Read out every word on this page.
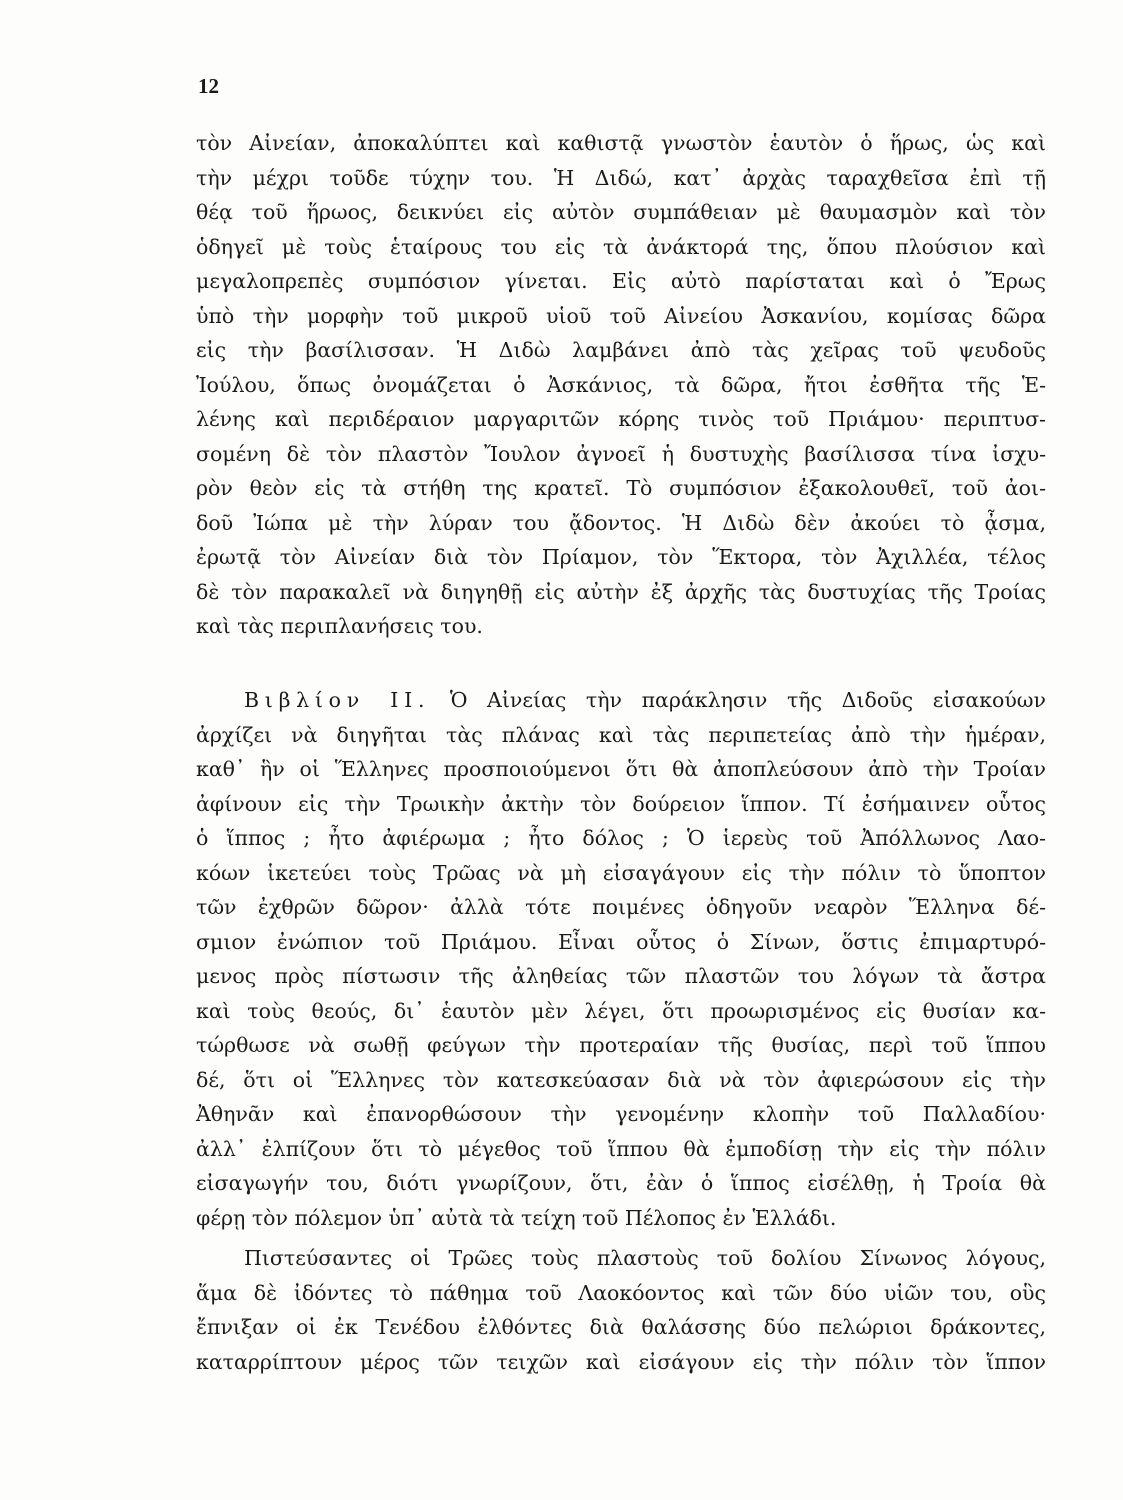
12
τὸν Αἰνείαν, ἀποκαλύπτει καὶ καθιστᾷ γνωστὸν ἑαυτὸν ὁ ἥρως, ὡς καὶ
τὴν μέχρι τοῦδε τύχην του. Ἡ Διδώ, κατ᾽ ἀρχὰς ταραχθεῖσα ἐπὶ τῇ
θέᾳ τοῦ ἥρωος, δεικνύει εἰς αὐτὸν συμπάθειαν μὲ θαυμασμὸν καὶ τὸν
ὁδηγεῖ μὲ τοὺς ἑταίρους του εἰς τὰ ἀνάκτορά της, ὅπου πλούσιον καὶ
μεγαλοπρεπὲς συμπόσιον γίνεται. Εἰς αὐτὸ παρίσταται καὶ ὁ Ἔρως
ὑπὸ τὴν μορφὴν τοῦ μικροῦ υἱοῦ τοῦ Αἰνείου Ἀσκανίου, κομίσας δῶρα
εἰς τὴν βασίλισσαν. Ἡ Διδὼ λαμβάνει ἀπὸ τὰς χεῖρας τοῦ ψευδοῦς
Ἰούλου, ὅπως ὀνομάζεται ὁ Ἀσκάνιος, τὰ δῶρα, ἤτοι ἐσθῆτα τῆς Ἑ-
λένης καὶ περιδέραιον μαργαριτῶν κόρης τινὸς τοῦ Πριάμου· περιπτυσ-
σομένη δὲ τὸν πλαστὸν Ἴουλον ἀγνοεῖ ἡ δυστυχὴς βασίλισσα τίνα ἰσχυ-
ρὸν θεὸν εἰς τὰ στήθη της κρατεῖ. Τὸ συμπόσιον ἐξακολουθεῖ, τοῦ ἀοι-
δοῦ Ἰώπα μὲ τὴν λύραν του ᾄδοντος. Ἡ Διδὼ δὲν ἀκούει τὸ ᾆσμα,
ἐρωτᾷ τὸν Αἰνείαν διὰ τὸν Πρίαμον, τὸν Ἕκτορα, τὸν Ἀχιλλέα, τέλος
δὲ τὸν παρακαλεῖ νὰ διηγηθῇ εἰς αὐτὴν ἐξ ἀρχῆς τὰς δυστυχίας τῆς Τροίας
καὶ τὰς περιπλανήσεις του.
Βιβλίον ΙΙ. Ὁ Αἰνείας τὴν παράκλησιν τῆς Διδοῦς εἰσακούων
ἀρχίζει νὰ διηγῆται τὰς πλάνας καὶ τὰς περιπετείας ἀπὸ τὴν ἡμέραν,
καθ᾽ ἣν οἱ Ἕλληνες προσποιούμενοι ὅτι θὰ ἀποπλεύσουν ἀπὸ τὴν Τροίαν
ἀφίνουν εἰς τὴν Τρωικὴν ἀκτὴν τὸν δούρειον ἵππον. Τί ἐσήμαινεν οὗτος
ὁ ἵππος ; ἦτο ἀφιέρωμα ; ἦτο δόλος ; Ὁ ἱερεὺς τοῦ Ἀπόλλωνος Λαο-
κόων ἱκετεύει τοὺς Τρῶας νὰ μὴ εἰσαγάγουν εἰς τὴν πόλιν τὸ ὕποπτον
τῶν ἐχθρῶν δῶρον· ἀλλὰ τότε ποιμένες ὁδηγοῦν νεαρὸν Ἕλληνα δέ-
σμιον ἐνώπιον τοῦ Πριάμου. Εἶναι οὗτος ὁ Σίνων, ὅστις ἐπιμαρτυρό-
μενος πρὸς πίστωσιν τῆς ἀληθείας τῶν πλαστῶν του λόγων τὰ ἄστρα
καὶ τοὺς θεούς, δι᾽ ἑαυτὸν μὲν λέγει, ὅτι προωρισμένος εἰς θυσίαν κα-
τώρθωσε νὰ σωθῇ φεύγων τὴν προτεραίαν τῆς θυσίας, περὶ τοῦ ἵππου
δέ, ὅτι οἱ Ἕλληνες τὸν κατεσκεύασαν διὰ νὰ τὸν ἀφιερώσουν εἰς τὴν
Ἀθηνᾶν καὶ ἐπανορθώσουν τὴν γενομένην κλοπὴν τοῦ Παλλαδίου·
ἀλλ᾽ ἐλπίζουν ὅτι τὸ μέγεθος τοῦ ἵππου θὰ ἐμποδίσῃ τὴν εἰς τὴν πόλιν
εἰσαγωγήν του, διότι γνωρίζουν, ὅτι, ἐὰν ὁ ἵππος εἰσέλθῃ, ἡ Τροία θὰ
φέρῃ τὸν πόλεμον ὑπ᾽ αὐτὰ τὰ τείχη τοῦ Πέλοπος ἐν Ἑλλάδι.
Πιστεύσαντες οἱ Τρῶες τοὺς πλαστοὺς τοῦ δολίου Σίνωνος λόγους,
ἅμα δὲ ἰδόντες τὸ πάθημα τοῦ Λαοκόοντος καὶ τῶν δύο υἱῶν του, οὓς
ἔπνιξαν οἱ ἐκ Τενέδου ἐλθόντες διὰ θαλάσσης δύο πελώριοι δράκοντες,
καταρρίπτουν μέρος τῶν τειχῶν καὶ εἰσάγουν εἰς τὴν πόλιν τὸν ἵππον
